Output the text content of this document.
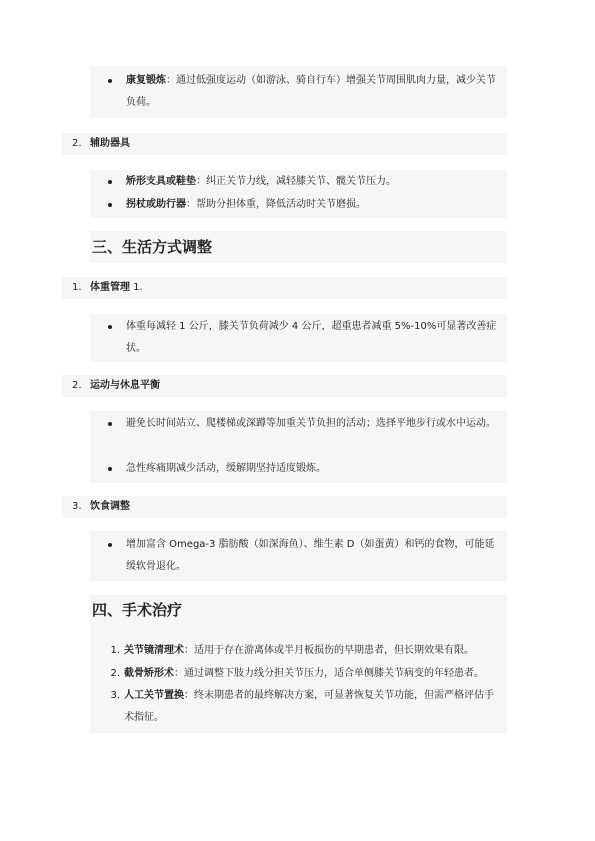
康复锻炼：通过低强度运动（如游泳、骑自行车）增强关节周围肌肉力量，减少关节负荷。
2. 辅助器具
矫形支具或鞋垫：纠正关节力线，减轻膝关节、髋关节压力。
拐杖或助行器：帮助分担体重，降低活动时关节磨损。
三、生活方式调整
1. 体重管理 1.
体重每减轻 1 公斤，膝关节负荷减少 4 公斤，超重患者减重 5%-10%可显著改善症状。
2. 运动与休息平衡
避免长时间站立、爬楼梯或深蹲等加重关节负担的活动；选择平地步行或水中运动。
急性疼痛期减少活动，缓解期坚持适度锻炼。
3. 饮食调整
增加富含 Omega-3 脂肪酸（如深海鱼）、维生素 D（如蛋黄）和钙的食物，可能延缓软骨退化。
四、手术治疗
1. 关节镜清理术：适用于存在游离体或半月板损伤的早期患者，但长期效果有限。
2. 截骨矫形术：通过调整下肢力线分担关节压力，适合单侧膝关节病变的年轻患者。
3. 人工关节置换：终末期患者的最终解决方案，可显著恢复关节功能，但需严格评估手术指征。
